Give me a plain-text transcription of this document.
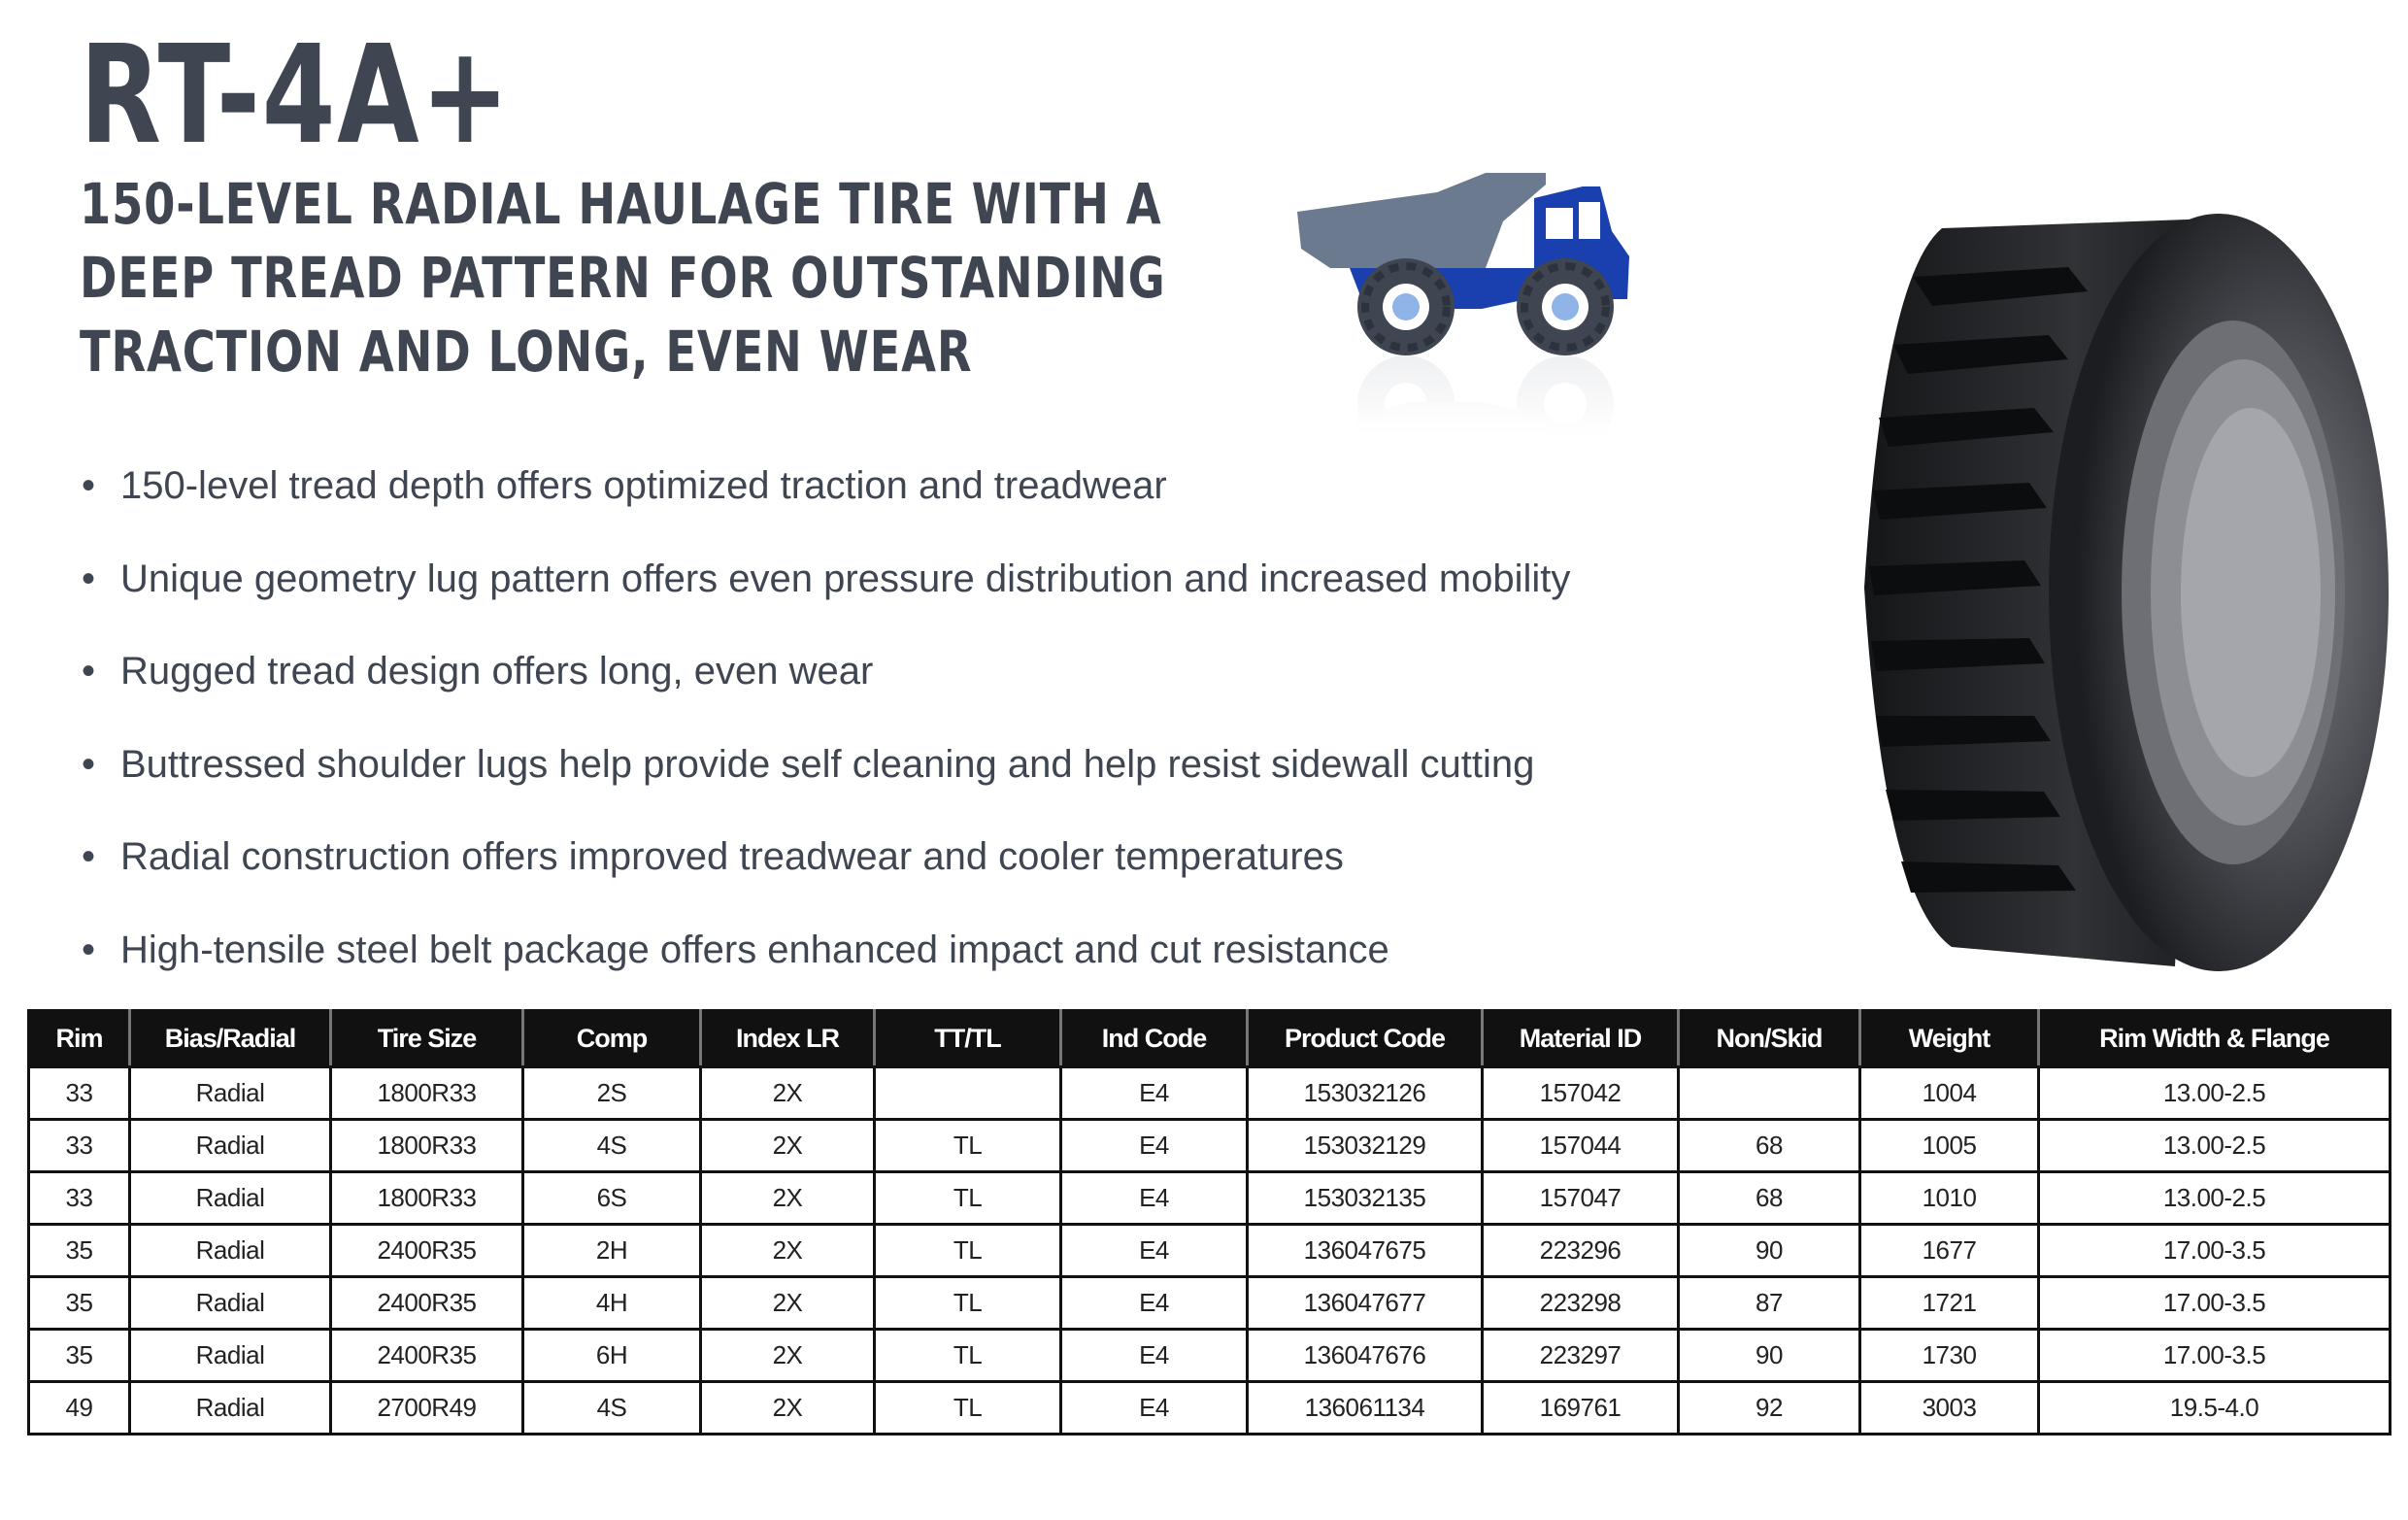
RT-4A+
150-LEVEL RADIAL HAULAGE TIRE WITH A
DEEP TREAD PATTERN FOR OUTSTANDING
TRACTION AND LONG, EVEN WEAR
• 150-level tread depth offers optimized traction and treadwear
• Unique geometry lug pattern offers even pressure distribution and increased mobility
• Rugged tread design offers long, even wear
• Buttressed shoulder lugs help provide self cleaning and help resist sidewall cutting
• Radial construction offers improved treadwear and cooler temperatures
• High-tensile steel belt package offers enhanced impact and cut resistance
Rim	Bias/Radial	Tire Size	Comp	Index LR	TT/TL	Ind Code	Product Code	Material ID	Non/Skid	Weight	Rim Width & Flange
33	Radial	1800R33	2S	2X		E4	153032126	157042		1004	13.00-2.5
33	Radial	1800R33	4S	2X	TL	E4	153032129	157044	68	1005	13.00-2.5
33	Radial	1800R33	6S	2X	TL	E4	153032135	157047	68	1010	13.00-2.5
35	Radial	2400R35	2H	2X	TL	E4	136047675	223296	90	1677	17.00-3.5
35	Radial	2400R35	4H	2X	TL	E4	136047677	223298	87	1721	17.00-3.5
35	Radial	2400R35	6H	2X	TL	E4	136047676	223297	90	1730	17.00-3.5
49	Radial	2700R49	4S	2X	TL	E4	136061134	169761	92	3003	19.5-4.0
